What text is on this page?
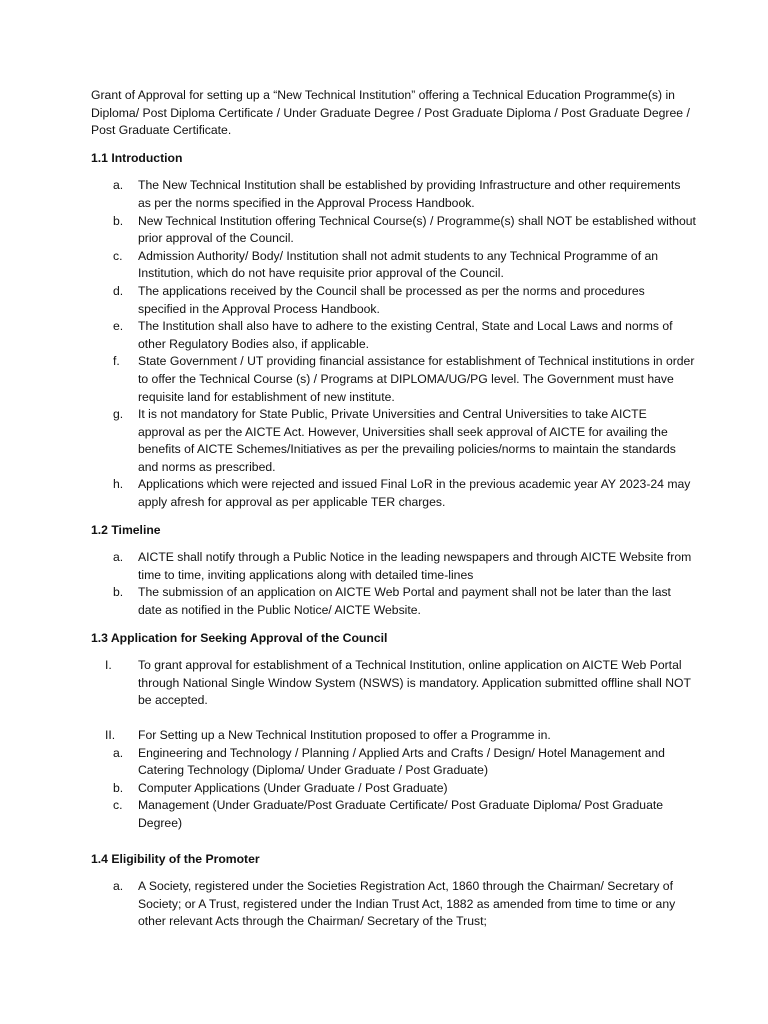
Grant of Approval for setting up a “New Technical Institution” offering a Technical Education Programme(s) in Diploma/ Post Diploma Certificate / Under Graduate Degree / Post Graduate Diploma / Post Graduate Degree / Post Graduate Certificate.

1.1 Introduction
a.	The New Technical Institution shall be established by providing Infrastructure and other requirements as per the norms specified in the Approval Process Handbook.
b.	New Technical Institution offering Technical Course(s) / Programme(s) shall NOT be established without prior approval of the Council.
c.	Admission Authority/ Body/ Institution shall not admit students to any Technical Programme of an Institution, which do not have requisite prior approval of the Council.
d.	The applications received by the Council shall be processed as per the norms and procedures specified in the Approval Process Handbook.
e.	The Institution shall also have to adhere to the existing Central, State and Local Laws and norms of other Regulatory Bodies also, if applicable.
f.	State Government / UT providing financial assistance for establishment of Technical institutions in order to offer the Technical Course (s) / Programs at DIPLOMA/UG/PG level. The Government must have requisite land for establishment of new institute.
g.	It is not mandatory for State Public, Private Universities and Central Universities to take AICTE approval as per the AICTE Act. However, Universities shall seek approval of AICTE for availing the benefits of AICTE Schemes/Initiatives as per the prevailing policies/norms to maintain the standards and norms as prescribed.
h.	Applications which were rejected and issued Final LoR in the previous academic year AY 2023-24 may apply afresh for approval as per applicable TER charges.
1.2 Timeline
a.	AICTE shall notify through a Public Notice in the leading newspapers and through AICTE Website from time to time, inviting applications along with detailed time-lines
b.	The submission of an application on AICTE Web Portal and payment shall not be later than the last date as notified in the Public Notice/ AICTE Website.
1.3 Application for Seeking Approval of the Council
I.	To grant approval for establishment of a Technical Institution, online application on AICTE Web Portal through National Single Window System (NSWS) is mandatory. Application submitted offline shall NOT be accepted.
II.	For Setting up a New Technical Institution proposed to offer a Programme in.
a.	Engineering and Technology / Planning / Applied Arts and Crafts / Design/ Hotel Management and Catering Technology (Diploma/ Under Graduate / Post Graduate)
b.	Computer Applications (Under Graduate / Post Graduate)
c.	Management (Under Graduate/Post Graduate Certificate/ Post Graduate Diploma/ Post Graduate Degree)
1.4 Eligibility of the Promoter
a.	A Society, registered under the Societies Registration Act, 1860 through the Chairman/ Secretary of Society; or A Trust, registered under the Indian Trust Act, 1882 as amended from time to time or any other relevant Acts through the Chairman/ Secretary of the Trust;
